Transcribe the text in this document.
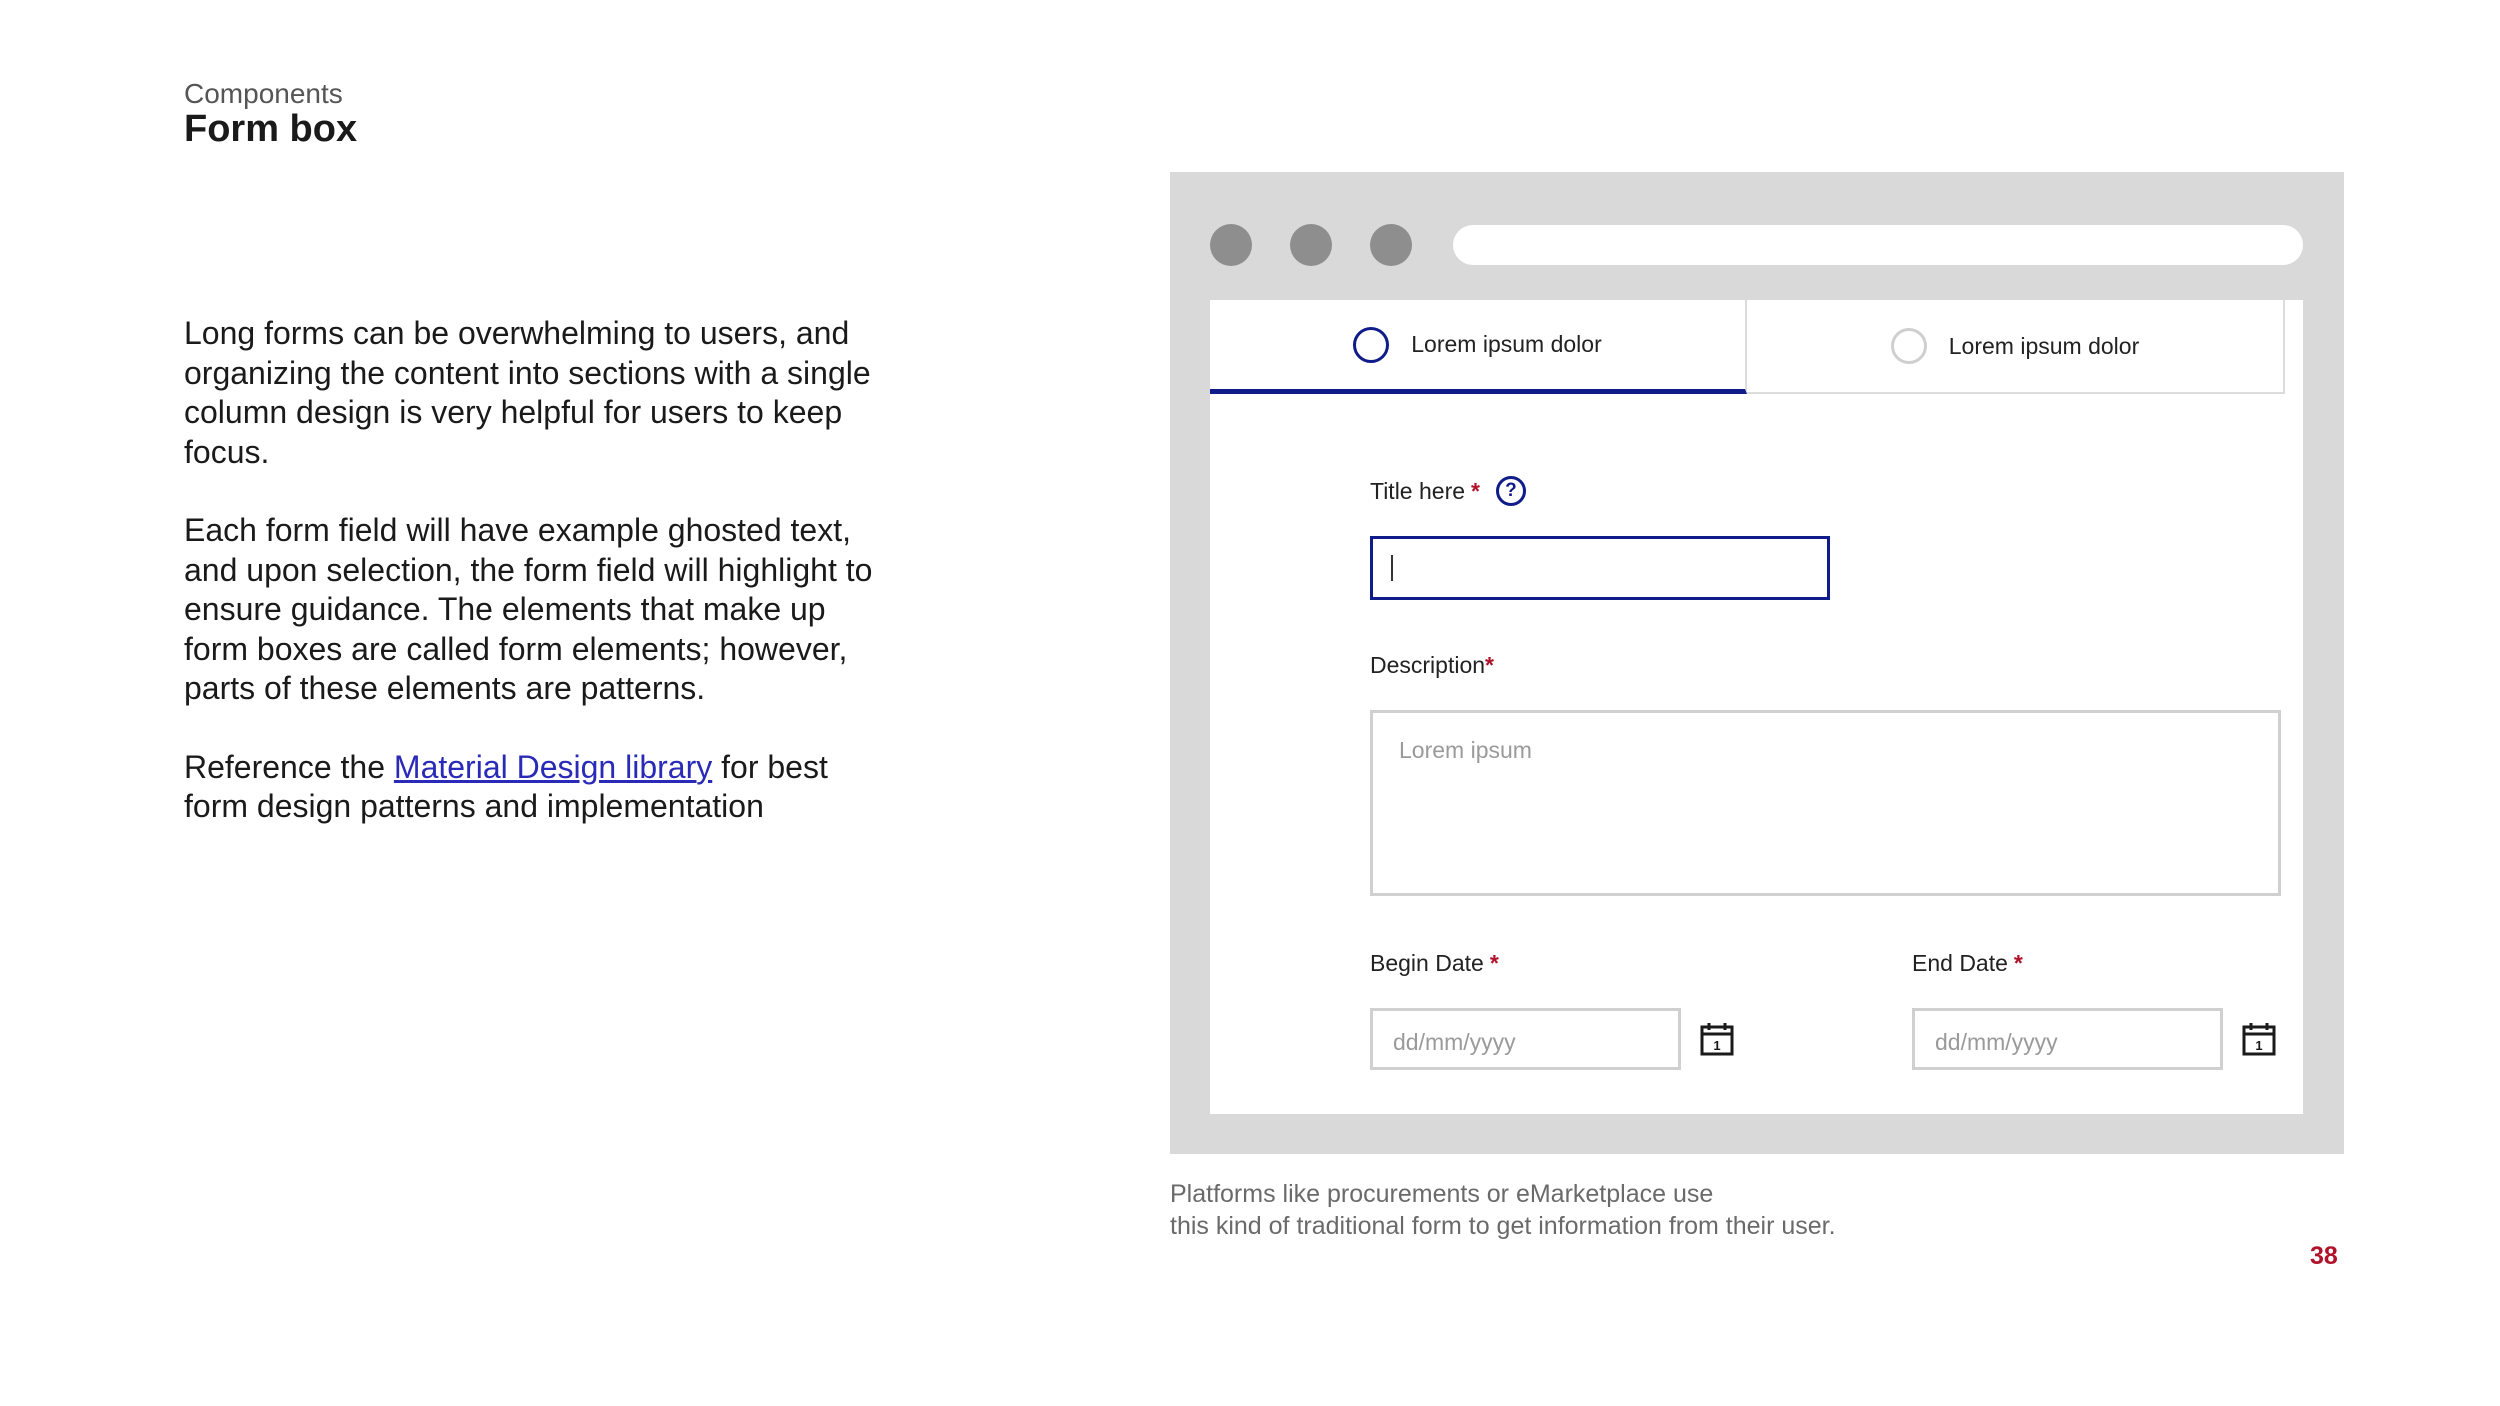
Components
Form box

Long forms can be overwhelming to users, and organizing the content into sections with a single column design is very helpful for users to keep focus.

Each form field will have example ghosted text, and upon selection, the form field will highlight to ensure guidance. The elements that make up form boxes are called form elements; however, parts of these elements are patterns.

Reference the Material Design library for best form design patterns and implementation

Lorem ipsum dolor	Lorem ipsum dolor
Title here *	?
Description *
Lorem ipsum
Begin Date *
dd/mm/yyyy	1
End Date *
dd/mm/yyyy	1
Platforms like procurements or eMarketplace use
this kind of traditional form to get information from their user.
38
